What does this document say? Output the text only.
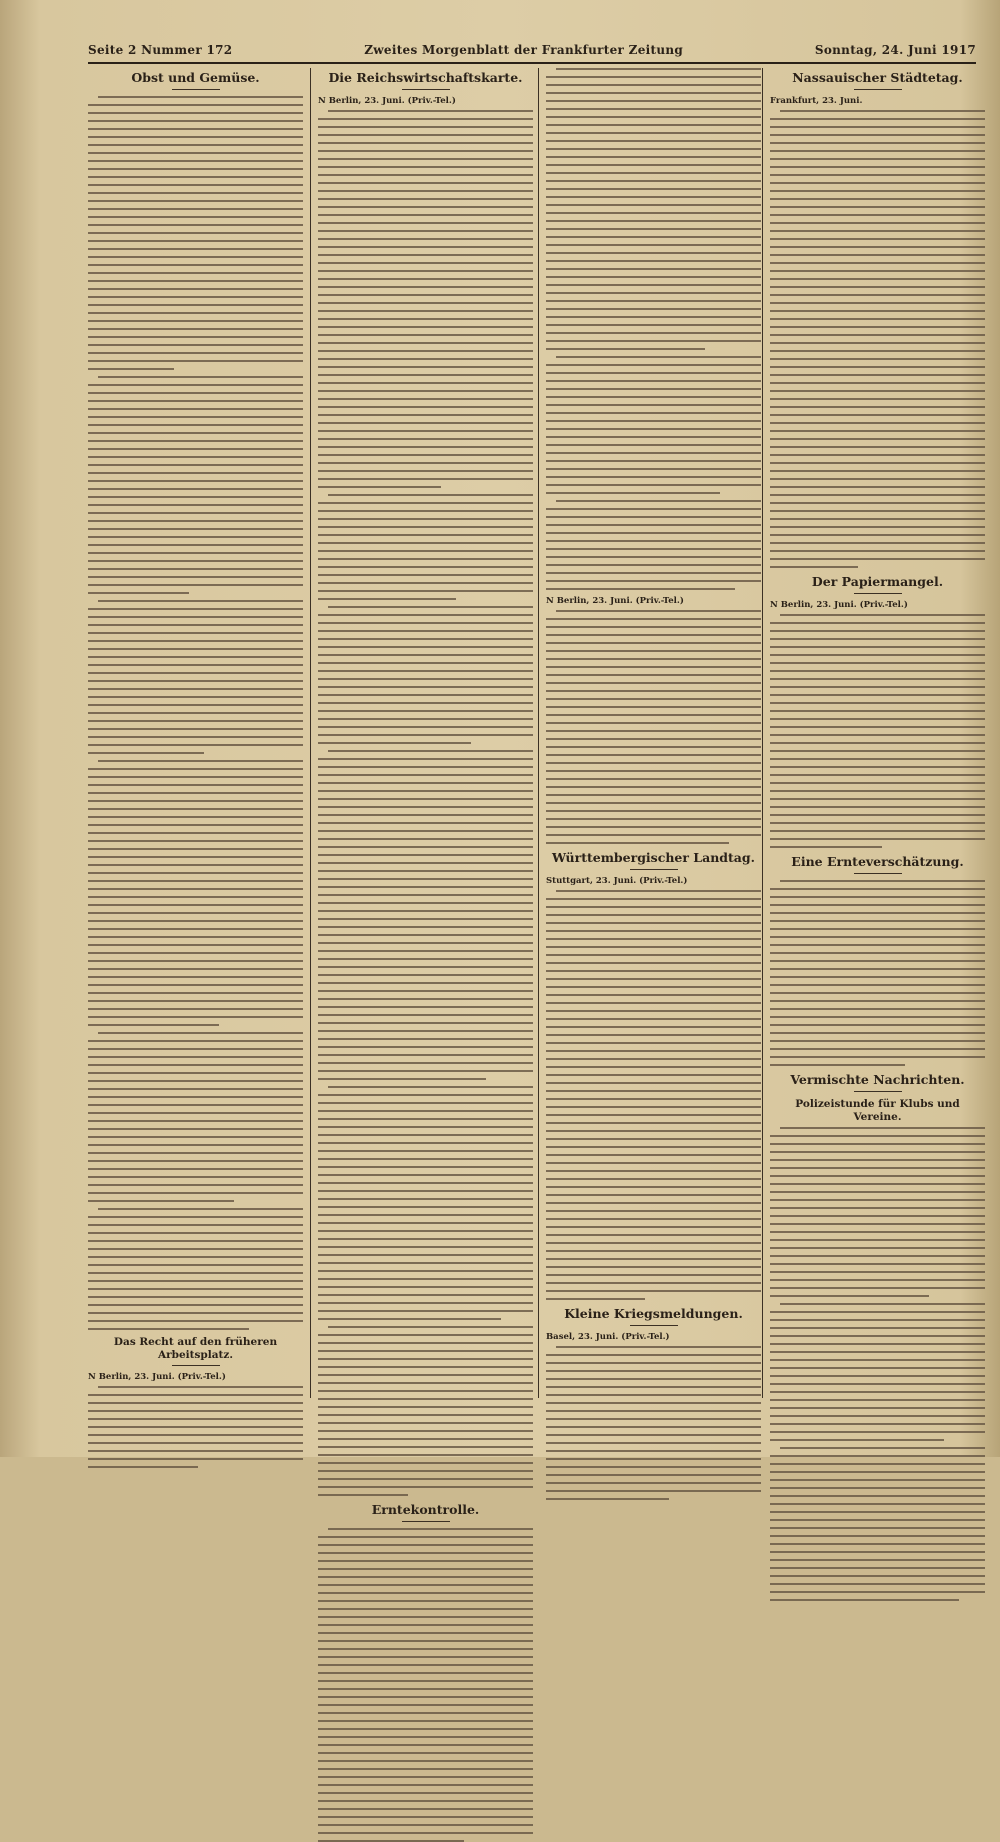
Seite 2 Nummer 172	Zweites Morgenblatt der Frankfurter Zeitung	Sonntag, 24. Juni 1917
Obst und Gemüse.
Das Recht auf den früheren Arbeitsplatz.
N Berlin, 23. Juni. (Priv.-Tel.)
Die Reichswirtschaftskarte.
N Berlin, 23. Juni. (Priv.-Tel.)
Erntekontrolle.
N Berlin, 23. Juni. (Priv.-Tel.)
Württembergischer Landtag.
Stuttgart, 23. Juni. (Priv.-Tel.)
Kleine Kriegsmeldungen.
Basel, 23. Juni. (Priv.-Tel.)
Nassauischer Städtetag.
Frankfurt, 23. Juni.
Der Papiermangel.
N Berlin, 23. Juni. (Priv.-Tel.)
Eine Ernteverschätzung.
Vermischte Nachrichten.
Polizeistunde für Klubs und Vereine.
